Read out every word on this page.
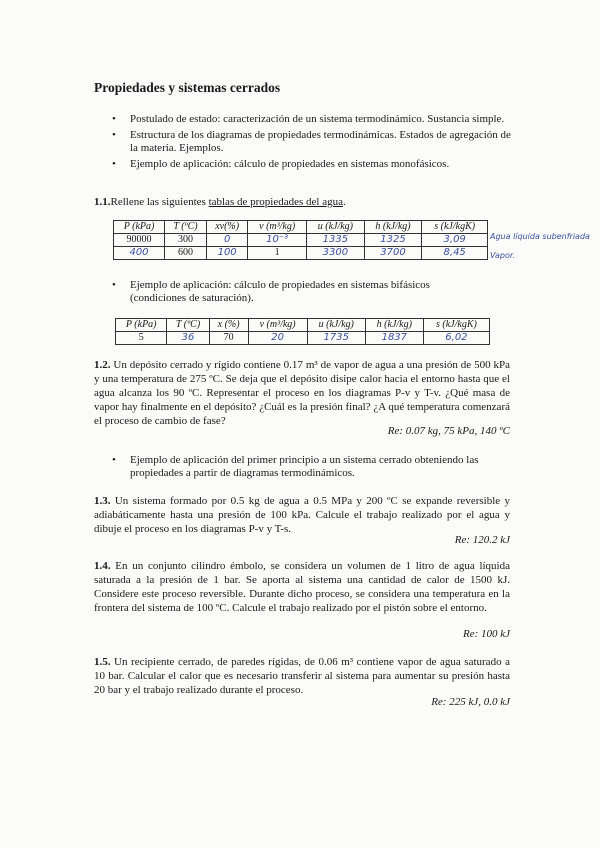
Propiedades y sistemas cerrados
• Postulado de estado: caracterización de un sistema termodinámico. Sustancia simple.
• Estructura de los diagramas de propiedades termodinámicas. Estados de agregación de la materia. Ejemplos.
• Ejemplo de aplicación: cálculo de propiedades en sistemas monofásicos.
1.1.Rellene las siguientes tablas de propiedades del agua.
P (kPa)	T (ºC)	xv(%)	v (m³/kg)	u (kJ/kg)	h (kJ/kg)	s (kJ/kgK)
90000	300	0	10⁻³	1335	1325	3,09
400	600	100	1	3300	3700	8,45
Agua líquida subenfriada
Vapor.
• Ejemplo de aplicación: cálculo de propiedades en sistemas bifásicos (condiciones de saturación).
P (kPa)	T (ºC)	x (%)	v (m³/kg)	u (kJ/kg)	h (kJ/kg)	s (kJ/kgK)
5	36	70	20	1735	1837	6,02
1.2. Un depósito cerrado y rígido contiene 0.17 m³ de vapor de agua a una presión de 500 kPa y una temperatura de 275 ºC. Se deja que el depósito disipe calor hacia el entorno hasta que el agua alcanza los 90 ºC. Representar el proceso en los diagramas P-v y T-v. ¿Qué masa de vapor hay finalmente en el depósito? ¿Cuál es la presión final? ¿A qué temperatura comenzará el proceso de cambio de fase?
Re: 0.07 kg, 75 kPa, 140 ºC
• Ejemplo de aplicación del primer principio a un sistema cerrado obteniendo las propiedades a partir de diagramas termodinámicos.
1.3. Un sistema formado por 0.5 kg de agua a 0.5 MPa y 200 ºC se expande reversible y adiabáticamente hasta una presión de 100 kPa. Calcule el trabajo realizado por el agua y dibuje el proceso en los diagramas P-v y T-s.
Re: 120.2 kJ
1.4. En un conjunto cilindro émbolo, se considera un volumen de 1 litro de agua líquida saturada a la presión de 1 bar. Se aporta al sistema una cantidad de calor de 1500 kJ. Considere este proceso reversible. Durante dicho proceso, se considera una temperatura en la frontera del sistema de 100 ºC. Calcule el trabajo realizado por el pistón sobre el entorno.
Re: 100 kJ
1.5. Un recipiente cerrado, de paredes rígidas, de 0.06 m³ contiene vapor de agua saturado a 10 bar. Calcular el calor que es necesario transferir al sistema para aumentar su presión hasta 20 bar y el trabajo realizado durante el proceso.
Re: 225 kJ, 0.0 kJ
